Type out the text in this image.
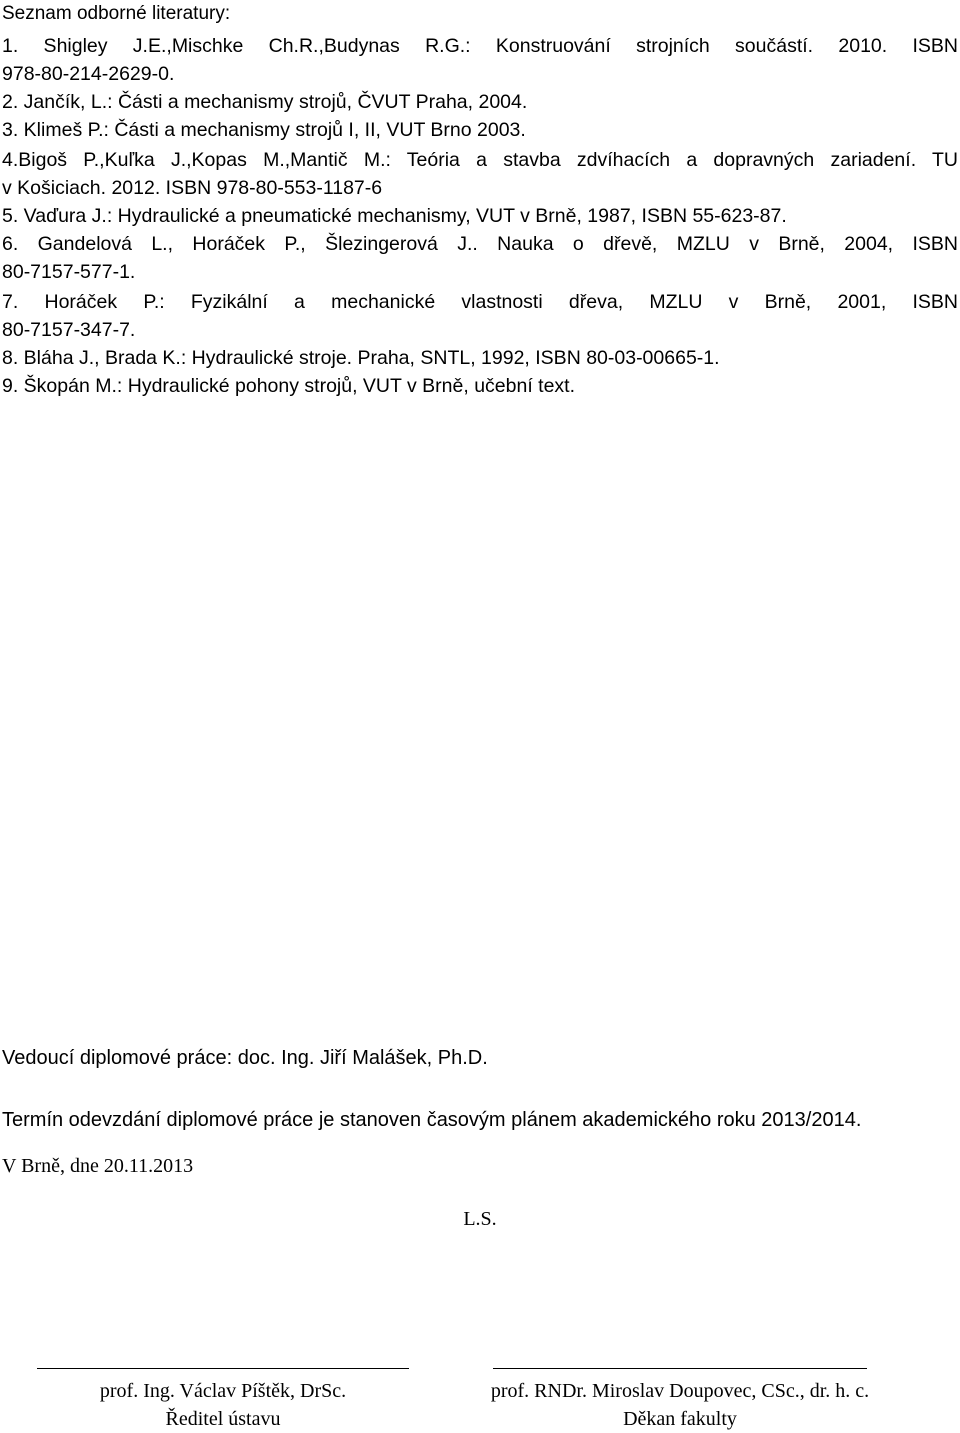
Seznam odborné literatury:
1. Shigley J.E.,Mischke Ch.R.,Budynas R.G.: Konstruování strojních součástí. 2010. ISBN
978-80-214-2629-0.
2. Jančík, L.: Části a mechanismy strojů, ČVUT Praha, 2004.
3. Klimeš P.: Části a mechanismy strojů I, II, VUT Brno 2003.
4.Bigoš P.,Kuľka J.,Kopas M.,Mantič M.: Teória a stavba zdvíhacích a dopravných zariadení. TU
v Košiciach. 2012. ISBN 978-80-553-1187-6
5. Vaďura J.: Hydraulické a pneumatické mechanismy, VUT v Brně, 1987, ISBN 55-623-87.
6. Gandelová L., Horáček P., Šlezingerová J.. Nauka o dřevě, MZLU v Brně, 2004, ISBN
80-7157-577-1.
7. Horáček P.: Fyzikální a mechanické vlastnosti dřeva, MZLU v Brně, 2001, ISBN
80-7157-347-7.
8. Bláha J., Brada K.: Hydraulické stroje. Praha, SNTL, 1992, ISBN 80-03-00665-1.
9. Škopán M.: Hydraulické pohony strojů, VUT v Brně, učební text.
Vedoucí diplomové práce: doc. Ing. Jiří Malášek, Ph.D.
Termín odevzdání diplomové práce je stanoven časovým plánem akademického roku 2013/2014.
V Brně, dne 20.11.2013
L.S.
prof. Ing. Václav Píštěk, DrSc.
Ředitel ústavu
prof. RNDr. Miroslav Doupovec, CSc., dr. h. c.
Děkan fakulty
